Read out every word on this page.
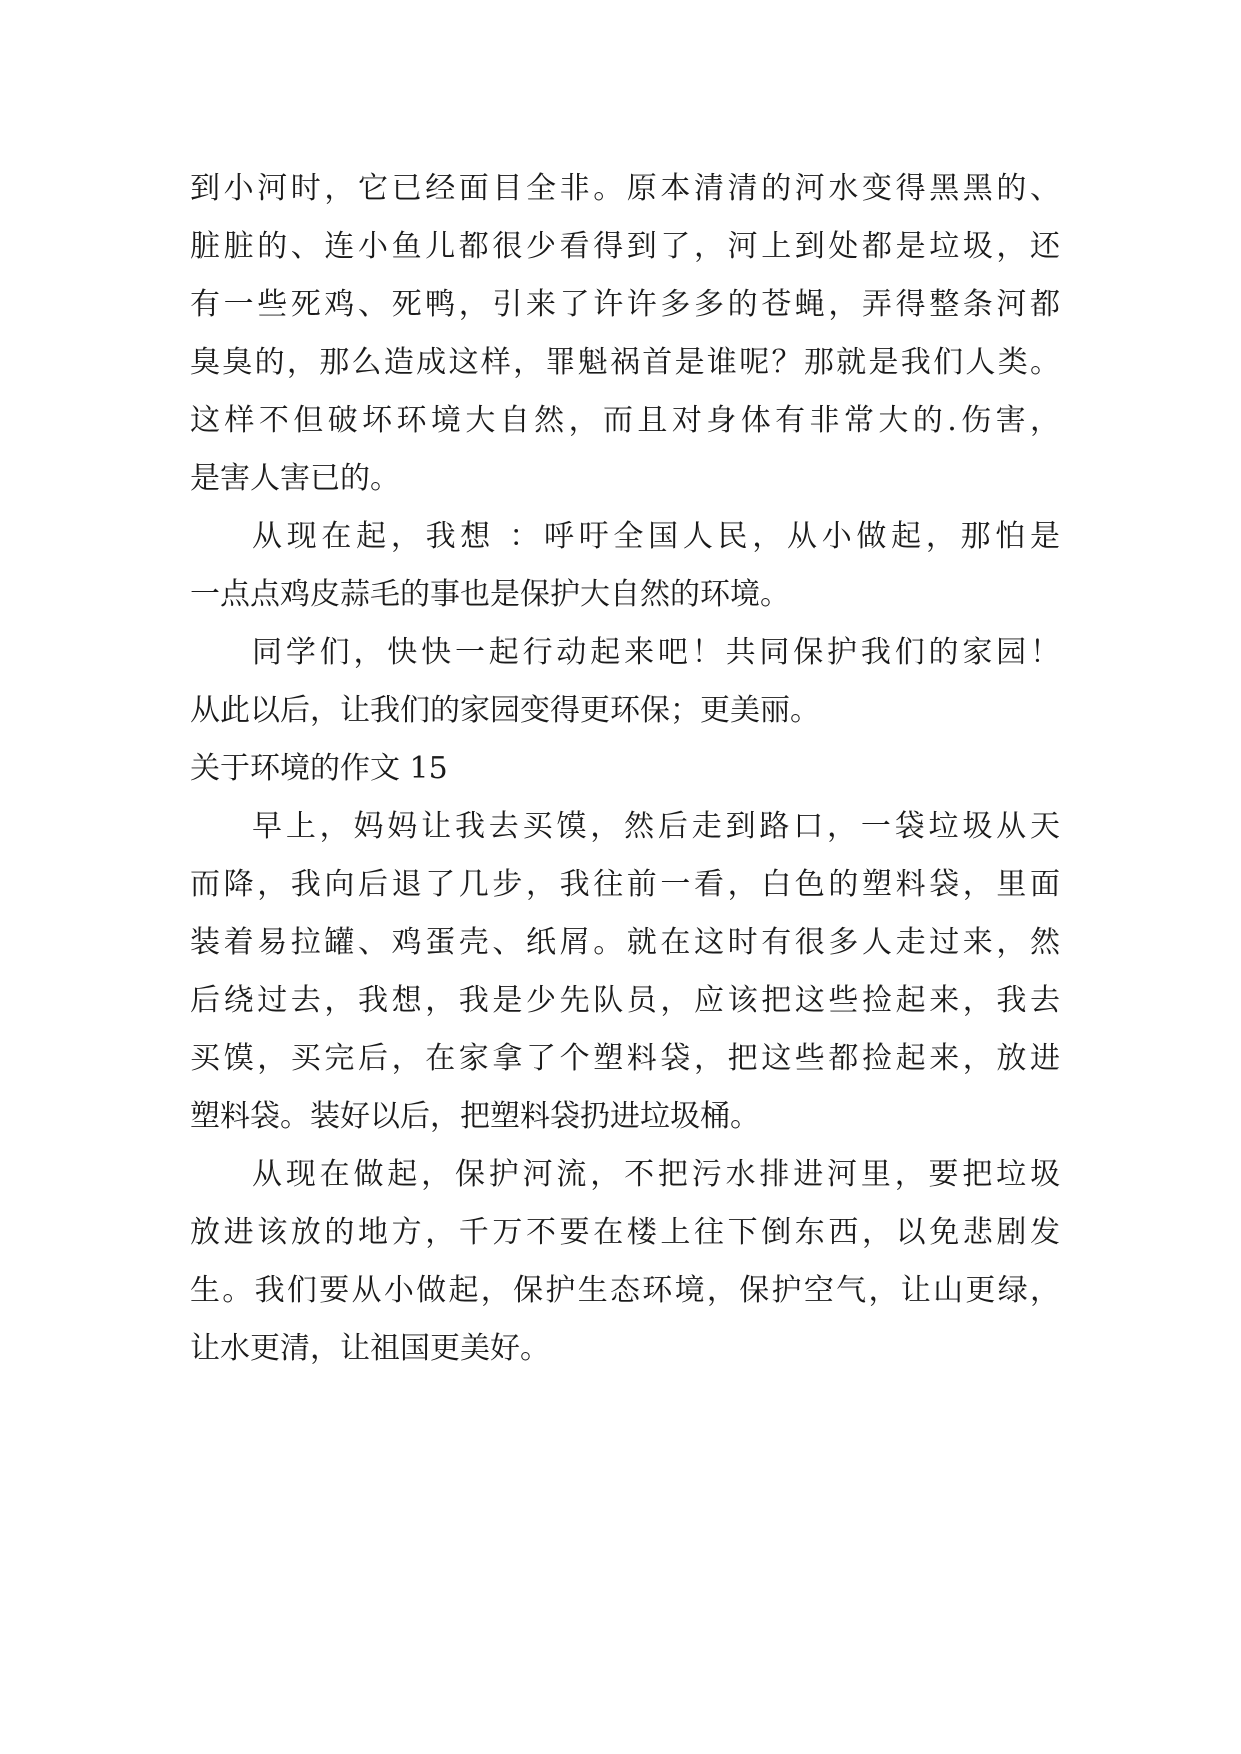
到小河时，它已经面目全非。原本清清的河水变得黑黑的、
脏脏的、连小鱼儿都很少看得到了，河上到处都是垃圾，还
有一些死鸡、死鸭，引来了许许多多的苍蝇，弄得整条河都
臭臭的，那么造成这样，罪魁祸首是谁呢？那就是我们人类。
这样不但破坏环境大自然，而且对身体有非常大的.伤害，
是害人害已的。
从现在起，我想 ：呼吁全国人民，从小做起，那怕是
一点点鸡皮蒜毛的事也是保护大自然的环境。
同学们，快快一起行动起来吧！共同保护我们的家园！
从此以后，让我们的家园变得更环保；更美丽。
关于环境的作文 15
早上，妈妈让我去买馍，然后走到路口，一袋垃圾从天
而降，我向后退了几步，我往前一看，白色的塑料袋，里面
装着易拉罐、鸡蛋壳、纸屑。就在这时有很多人走过来，然
后绕过去，我想，我是少先队员，应该把这些捡起来，我去
买馍，买完后，在家拿了个塑料袋，把这些都捡起来，放进
塑料袋。装好以后，把塑料袋扔进垃圾桶。
从现在做起，保护河流，不把污水排进河里，要把垃圾
放进该放的地方，千万不要在楼上往下倒东西，以免悲剧发
生。我们要从小做起，保护生态环境，保护空气，让山更绿，
让水更清，让祖国更美好。
